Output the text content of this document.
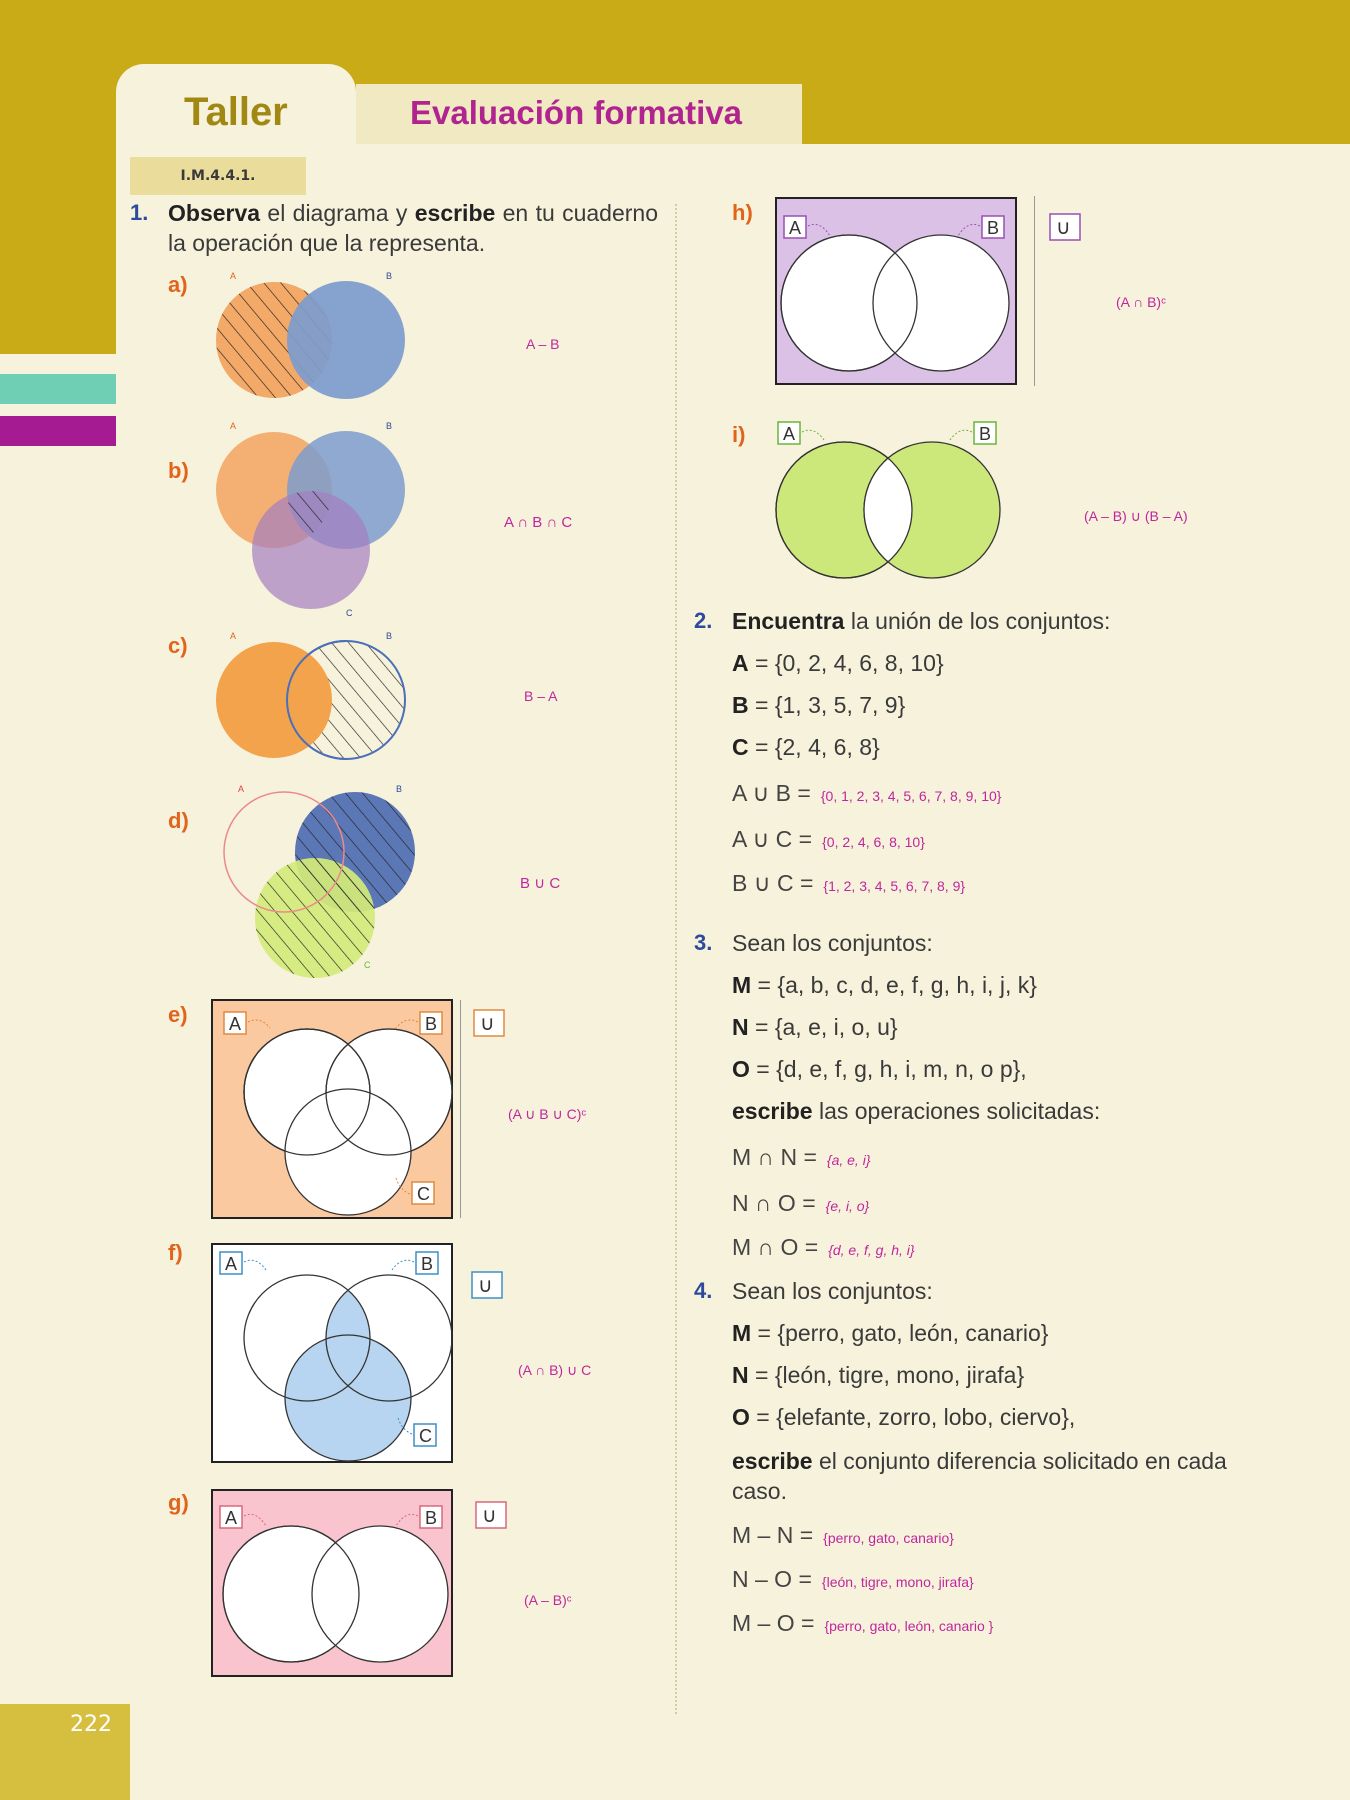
Taller	Evaluación formativa
I.M.4.4.1.
222
1. Observa el diagrama y escribe en tu cuaderno la operación que la representa.
a)
b)
c)
d)
e)
f)
g)
h)
i)
A – B
A ∩ B ∩ C
B – A
B ∪ C
(A ∪ B ∪ C)ᶜ
(A ∩ B) ∪ C
(A – B)ᶜ
(A ∩ B)ᶜ
(A – B) ∪ (B – A)
A	B
A	B
C
A	B
A	B
C
A	B
C
∪
A	B
C
∪
A	B ∪
A	B	∪
A	B
2. Encuentra la unión de los conjuntos:
A = {0, 2, 4, 6, 8, 10}
B = {1, 3, 5, 7, 9}
C = {2, 4, 6, 8}
A ∪ B = {0, 1, 2, 3, 4, 5, 6, 7, 8, 9, 10}
A ∪ C = {0, 2, 4, 6, 8, 10}
B ∪ C = {1, 2, 3, 4, 5, 6, 7, 8, 9}
3. Sean los conjuntos:
M = {a, b, c, d, e, f, g, h, i, j, k}
N = {a, e, i, o, u}
O = {d, e, f, g, h, i, m, n, o p},
escribe las operaciones solicitadas:
M ∩ N = {a, e, i}
N ∩ O = {e, i, o}
M ∩ O = {d, e, f, g, h, i}
4. Sean los conjuntos:
M = {perro, gato, león, canario}
N = {león, tigre, mono, jirafa}
O = {elefante, zorro, lobo, ciervo},
escribe el conjunto diferencia solicitado en cada caso.
M – N = {perro, gato, canario}
N – O = {león, tigre, mono, jirafa}
M – O = {perro, gato, león, canario }
